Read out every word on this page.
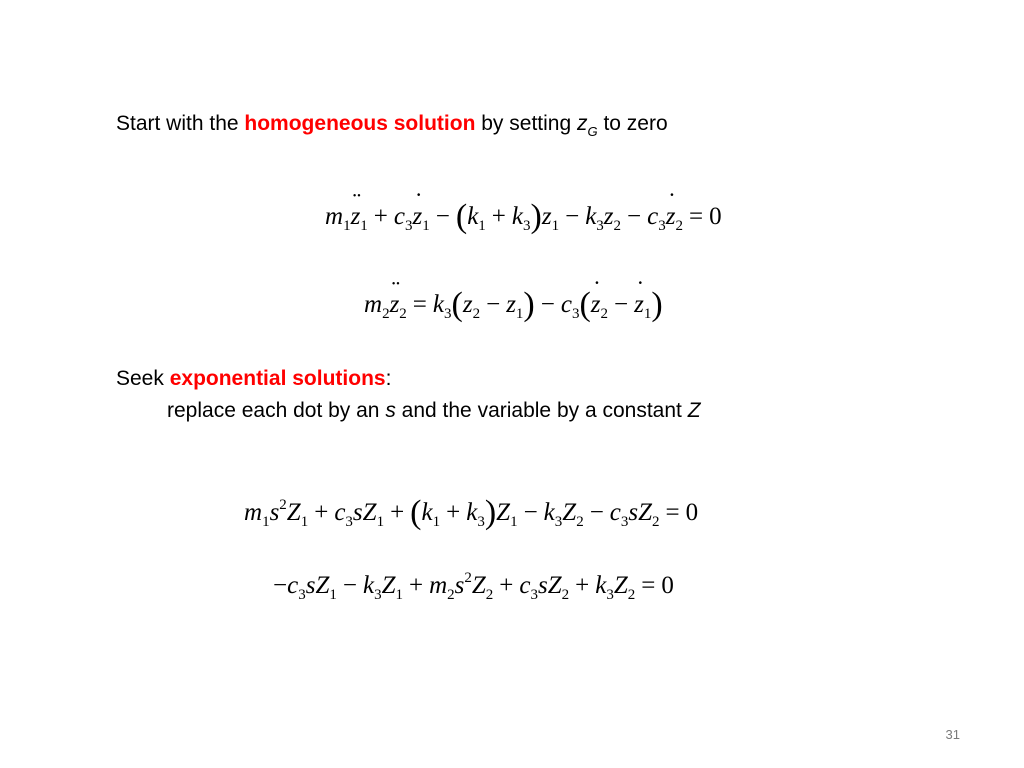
Start with the homogeneous solution by setting $z_G$ to zero
$m_1¨$ $z_1$ + $c_3˙$ $z_1 - (k_1 + k_3)z_1 - k_3z_2$ − $c_3˙$ $z_2 = 0$
$m_2¨$ $z_2 = k_3(z_2 - z_1)$ − $c_3(˙$ $z_2$ −˙ $z_1$)
Seek exponential solutions:
replace each dot by an s and the variable by a constant Z
$m_1s^2Z_1 + c_3sZ_1 + (k_1 + k_3)Z_1 - k_3Z_2 - c_3sZ_2 = 0$
$-c_3sZ_1 - k_3Z_1 + m_2s^2Z_2 + c_3sZ_2 + k_3Z_2 = 0$
31
